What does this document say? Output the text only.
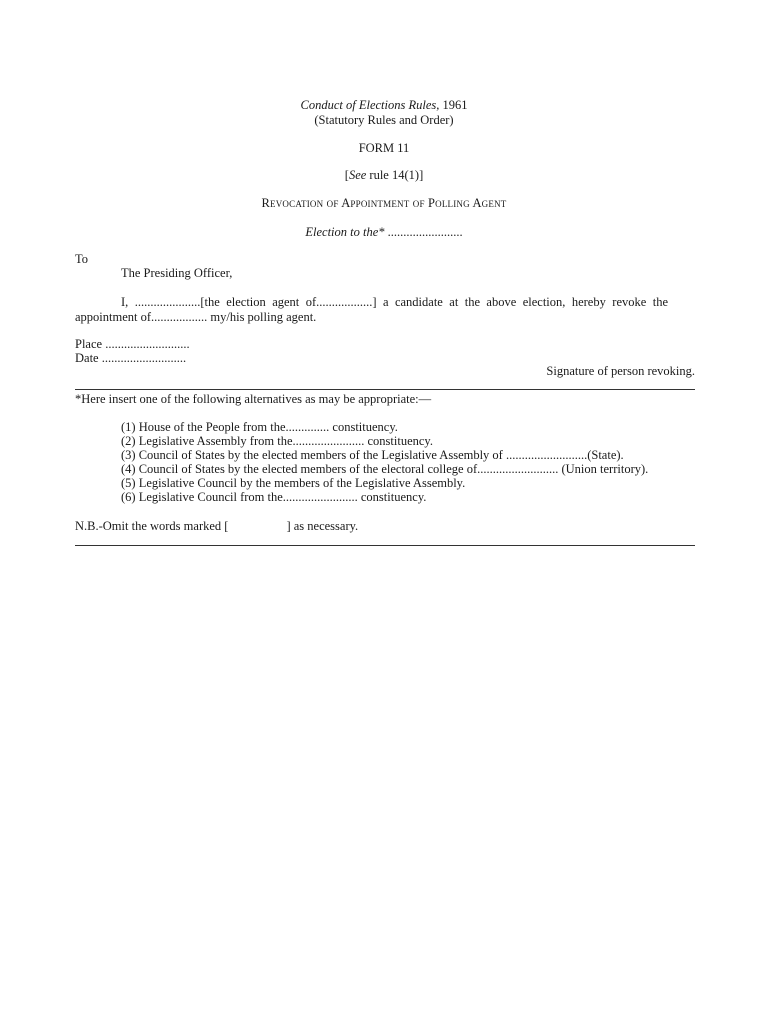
Conduct of Elections Rules, 1961
(Statutory Rules and Order)
FORM 11
[See rule 14(1)]
Revocation of Appointment of Polling Agent
Election to the* ........................
To
The Presiding Officer,
I, .....................[the election agent of..................] a candidate at the above election, hereby revoke the
appointment of.................. my/his polling agent.
Place ...........................
Date ...........................
Signature of person revoking.
*Here insert one of the following alternatives as may be appropriate:—
(1) House of the People from the.............. constituency.
(2) Legislative Assembly from the....................... constituency.
(3) Council of States by the elected members of the Legislative Assembly of ..........................(State).
(4) Council of States by the elected members of the electoral college of.......................... (Union territory).
(5) Legislative Council by the members of the Legislative Assembly.
(6) Legislative Council from the........................ constituency.
N.B.-Omit the words marked [	] as necessary.
